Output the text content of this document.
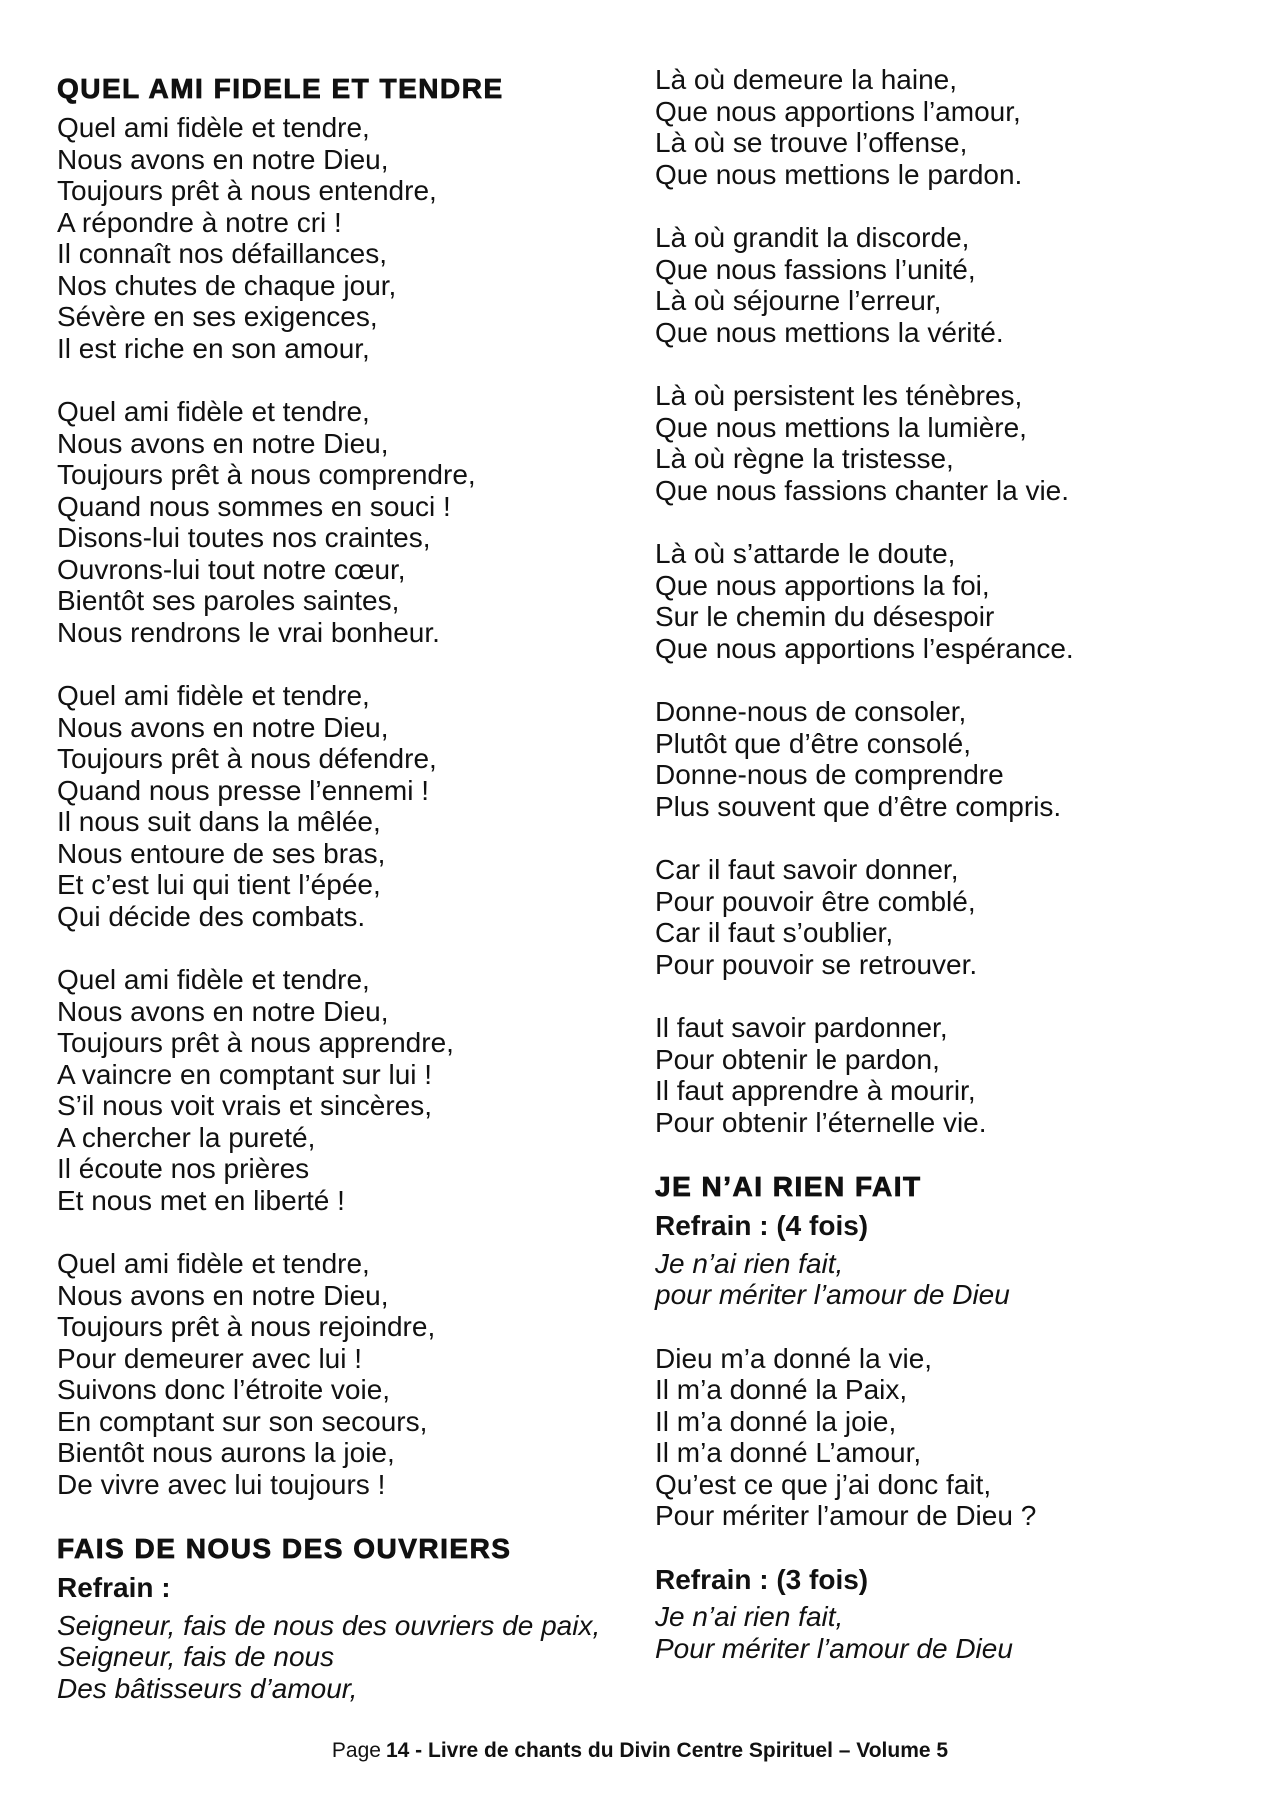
QUEL AMI FIDELE ET TENDRE
Quel ami fidèle et tendre,
Nous avons en notre Dieu,
Toujours prêt à nous entendre,
A répondre à notre cri !
Il connaît nos défaillances,
Nos chutes de chaque jour,
Sévère en ses exigences,
Il est riche en son amour,
Quel ami fidèle et tendre,
Nous avons en notre Dieu,
Toujours prêt à nous comprendre,
Quand nous sommes en souci !
Disons-lui toutes nos craintes,
Ouvrons-lui tout notre cœur,
Bientôt ses paroles saintes,
Nous rendrons le vrai bonheur.
Quel ami fidèle et tendre,
Nous avons en notre Dieu,
Toujours prêt à nous défendre,
Quand nous presse l’ennemi !
Il nous suit dans la mêlée,
Nous entoure de ses bras,
Et c’est lui qui tient l’épée,
Qui décide des combats.
Quel ami fidèle et tendre,
Nous avons en notre Dieu,
Toujours prêt à nous apprendre,
A vaincre en comptant sur lui !
S’il nous voit vrais et sincères,
A chercher la pureté,
Il écoute nos prières
Et nous met en liberté !
Quel ami fidèle et tendre,
Nous avons en notre Dieu,
Toujours prêt à nous rejoindre,
Pour demeurer avec lui !
Suivons donc l’étroite voie,
En comptant sur son secours,
Bientôt nous aurons la joie,
De vivre avec lui toujours !
FAIS DE NOUS DES OUVRIERS
Refrain :
Seigneur, fais de nous des ouvriers de paix,
Seigneur, fais de nous
Des bâtisseurs d’amour,
Là où demeure la haine,
Que nous apportions l’amour,
Là où se trouve l’offense,
Que nous mettions le pardon.
Là où grandit la discorde,
Que nous fassions l’unité,
Là où séjourne l’erreur,
Que nous mettions la vérité.
Là où persistent les ténèbres,
Que nous mettions la lumière,
Là où règne la tristesse,
Que nous fassions chanter la vie.
Là où s’attarde le doute,
Que nous apportions la foi,
Sur le chemin du désespoir
Que nous apportions l’espérance.
Donne-nous de consoler,
Plutôt que d’être consolé,
Donne-nous de comprendre
Plus souvent que d’être compris.
Car il faut savoir donner,
Pour pouvoir être comblé,
Car il faut s’oublier,
Pour pouvoir se retrouver.
Il faut savoir pardonner,
Pour obtenir le pardon,
Il faut apprendre à mourir,
Pour obtenir l’éternelle vie.
JE N’AI RIEN FAIT
Refrain : (4 fois)
Je n’ai rien fait,
pour mériter l’amour de Dieu
Dieu m’a donné la vie,
Il m’a donné la Paix,
Il m’a donné la joie,
Il m’a donné L’amour,
Qu’est ce que j’ai donc fait,
Pour mériter l’amour de Dieu ?
Refrain : (3 fois)
Je n’ai rien fait,
Pour mériter l’amour de Dieu
Page 14 - Livre de chants du Divin Centre Spirituel – Volume 5
